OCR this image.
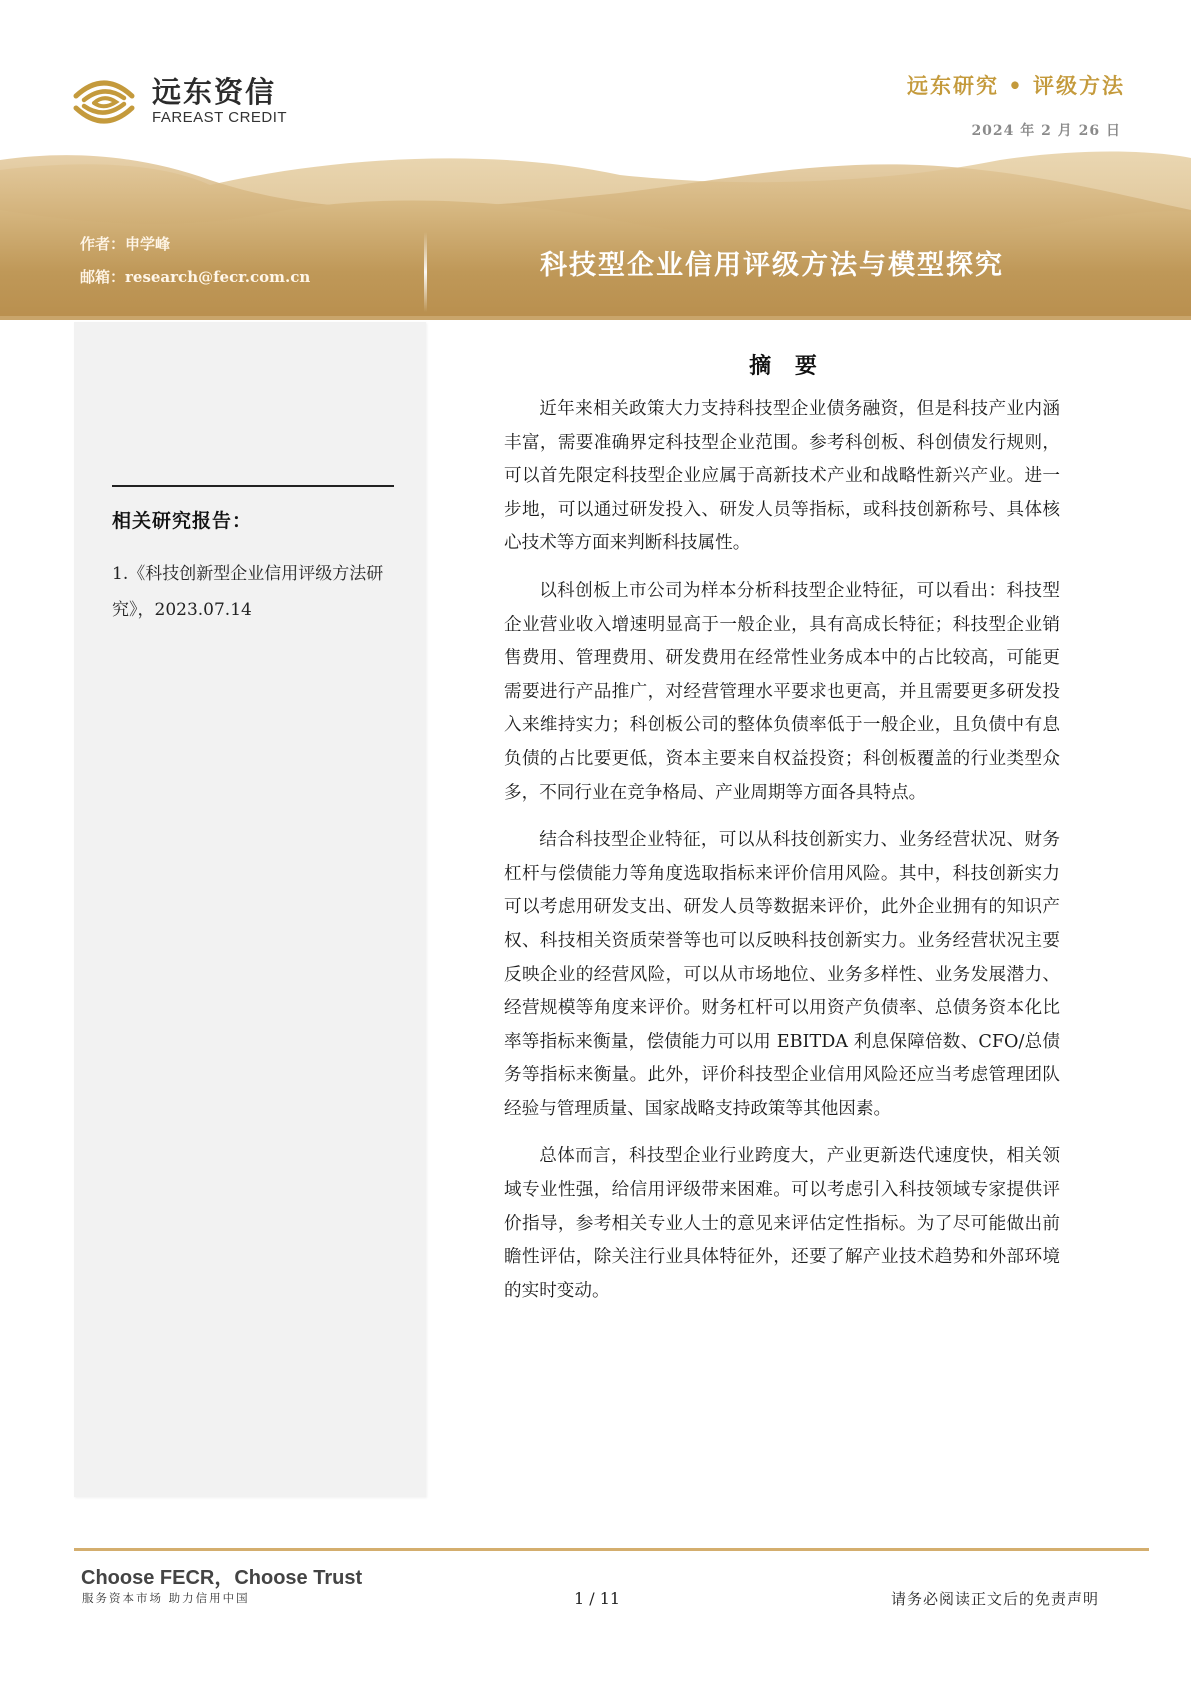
远东资信
FAREAST CREDIT
远东研究 • 评级方法
2024 年 2 月 26 日
作者：申学峰
邮箱：research@fecr.com.cn	科技型企业信用评级方法与模型探究
相关研究报告：
1.《科技创新型企业信用评级方法研究》，2023.07.14
摘 要

近年来相关政策大力支持科技型企业债务融资，但是科技产业内涵丰富，需要准确界定科技型企业范围。参考科创板、科创债发行规则，可以首先限定科技型企业应属于高新技术产业和战略性新兴产业。进一步地，可以通过研发投入、研发人员等指标，或科技创新称号、具体核心技术等方面来判断科技属性。

以科创板上市公司为样本分析科技型企业特征，可以看出：科技型企业营业收入增速明显高于一般企业，具有高成长特征；科技型企业销售费用、管理费用、研发费用在经常性业务成本中的占比较高，可能更需要进行产品推广，对经营管理水平要求也更高，并且需要更多研发投入来维持实力；科创板公司的整体负债率低于一般企业，且负债中有息负债的占比要更低，资本主要来自权益投资；科创板覆盖的行业类型众多，不同行业在竞争格局、产业周期等方面各具特点。

结合科技型企业特征，可以从科技创新实力、业务经营状况、财务杠杆与偿债能力等角度选取指标来评价信用风险。其中，科技创新实力可以考虑用研发支出、研发人员等数据来评价，此外企业拥有的知识产权、科技相关资质荣誉等也可以反映科技创新实力。业务经营状况主要反映企业的经营风险，可以从市场地位、业务多样性、业务发展潜力、经营规模等角度来评价。财务杠杆可以用资产负债率、总债务资本化比率等指标来衡量，偿债能力可以用 EBITDA 利息保障倍数、CFO/总债务等指标来衡量。此外，评价科技型企业信用风险还应当考虑管理团队经验与管理质量、国家战略支持政策等其他因素。

总体而言，科技型企业行业跨度大，产业更新迭代速度快，相关领域专业性强，给信用评级带来困难。可以考虑引入科技领域专家提供评价指导，参考相关专业人士的意见来评估定性指标。为了尽可能做出前瞻性评估，除关注行业具体特征外，还要了解产业技术趋势和外部环境的实时变动。

Choose FECR，Choose Trust
服务资本市场 助力信用中国	1 / 11	请务必阅读正文后的免责声明
